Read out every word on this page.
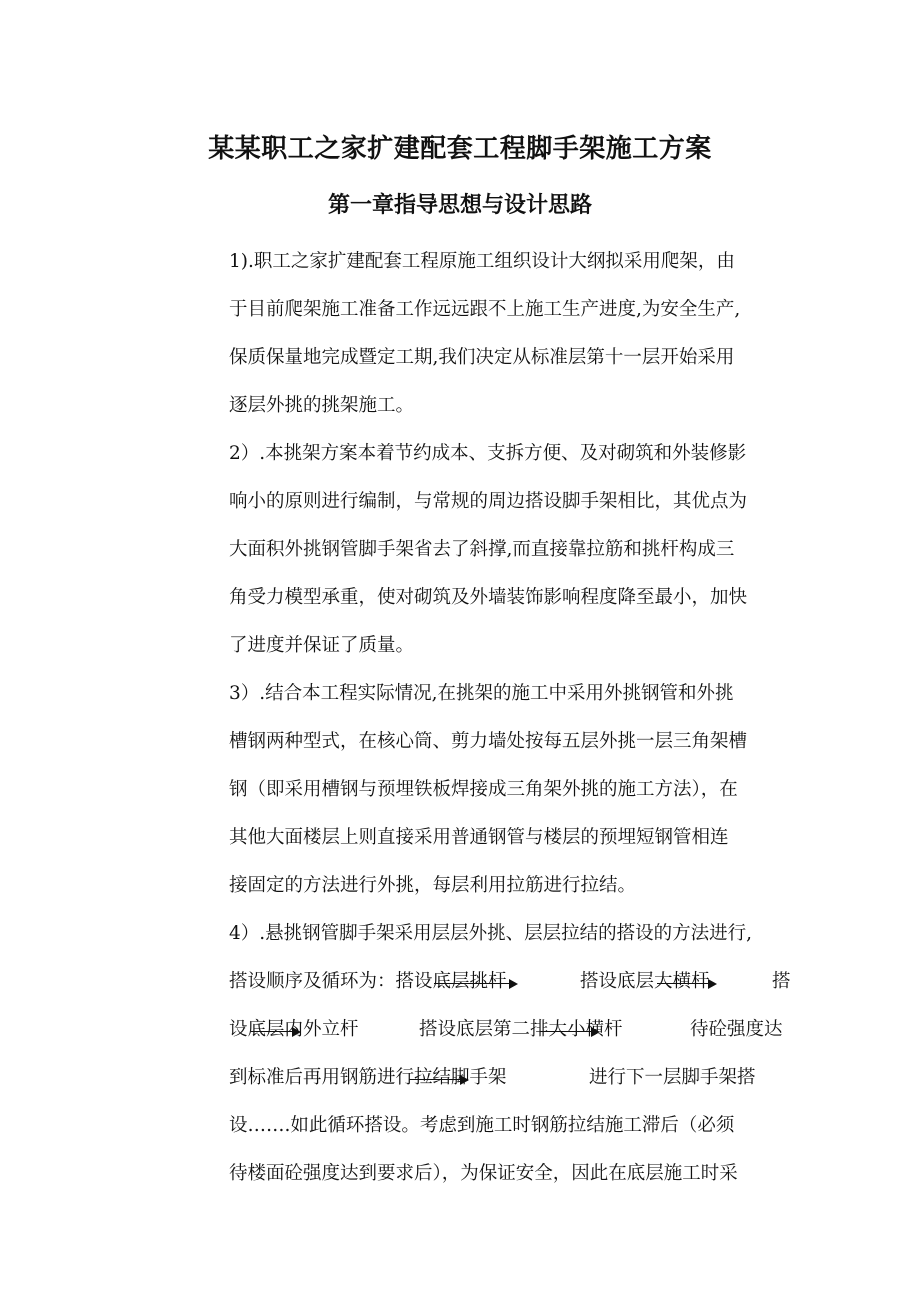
某某职工之家扩建配套工程脚手架施工方案
第一章指导思想与设计思路
1).职工之家扩建配套工程原施工组织设计大纲拟采用爬架，由
于目前爬架施工准备工作远远跟不上施工生产进度,为安全生产,
保质保量地完成暨定工期,我们决定从标准层第十一层开始采用
逐层外挑的挑架施工。
2）.本挑架方案本着节约成本、支拆方便、及对砌筑和外装修影
响小的原则进行编制，与常规的周边搭设脚手架相比，其优点为
大面积外挑钢管脚手架省去了斜撑,而直接靠拉筋和挑杆构成三
角受力模型承重，使对砌筑及外墙装饰影响程度降至最小，加快
了进度并保证了质量。
3）.结合本工程实际情况,在挑架的施工中采用外挑钢管和外挑
槽钢两种型式，在核心筒、剪力墙处按每五层外挑一层三角架槽
钢（即采用槽钢与预埋铁板焊接成三角架外挑的施工方法），在
其他大面楼层上则直接采用普通钢管与楼层的预埋短钢管相连
接固定的方法进行外挑，每层利用拉筋进行拉结。
4）.悬挑钢管脚手架采用层层外挑、层层拉结的搭设的方法进行,
搭设顺序及循环为：搭设底层挑杆	搭设底层大横杆	搭
设底层内外立杆	搭设底层第二排大小横杆	待砼强度达
到标准后再用钢筋进行拉结脚手架	进行下一层脚手架搭
设…….如此循环搭设。考虑到施工时钢筋拉结施工滞后（必须
待楼面砼强度达到要求后），为保证安全，因此在底层施工时采
